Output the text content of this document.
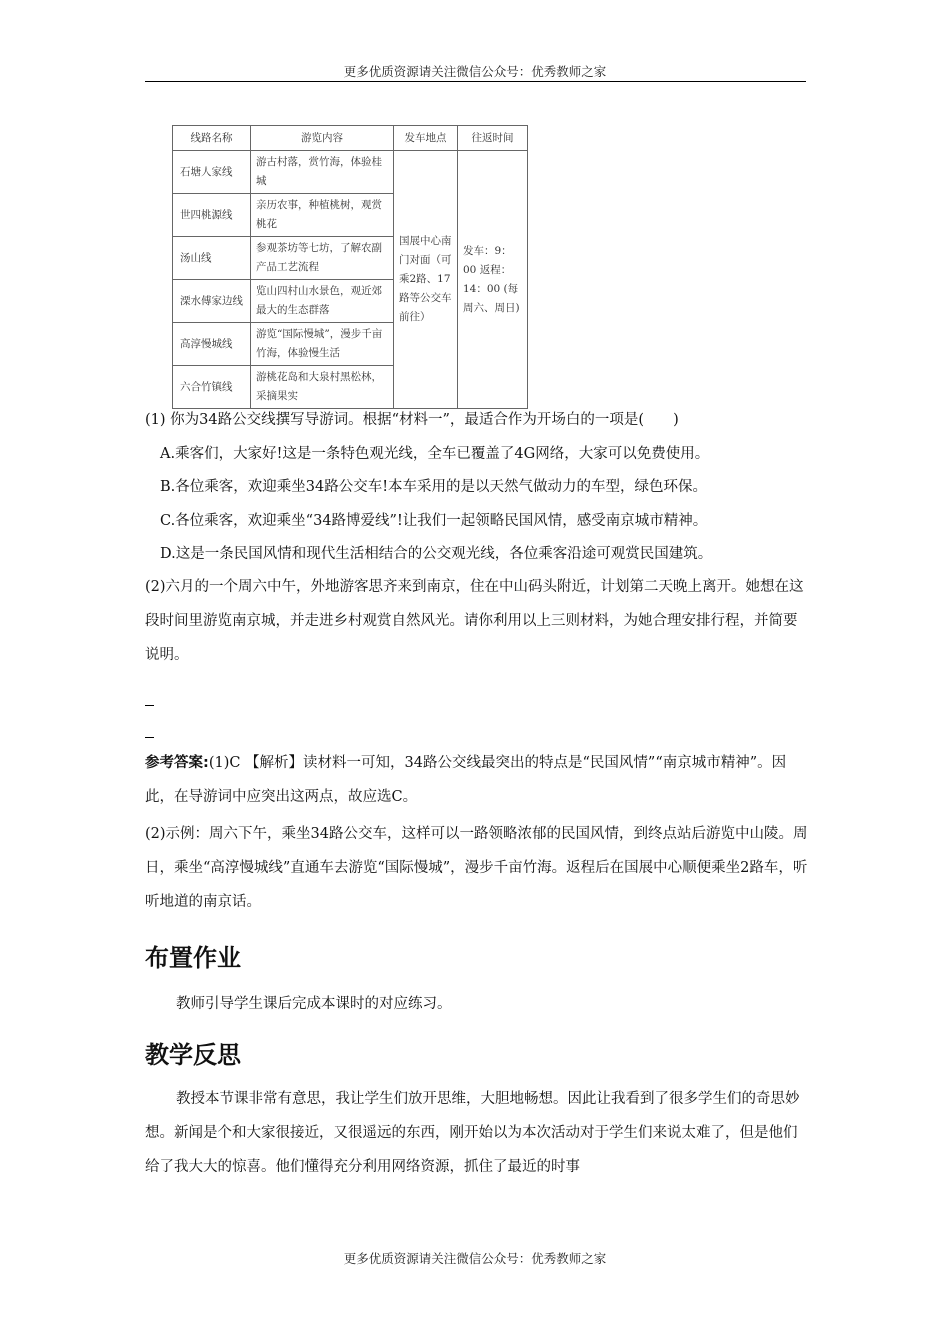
更多优质资源请关注微信公众号：优秀教师之家
线路名称	游览内容	发车地点	往返时间
石塘人家线	游古村落，赏竹海，体验桂城	国展中心南门对面（可乘2路、17路等公交车前往）	发车：9：00 返程：14：00 (每周六、周日)
世四桃源线	亲历农事，种植桃树，观赏桃花		
汤山线	参观茶坊等七坊，了解农副产品工艺流程		
溧水傅家边线	览山四村山水景色，观近郊最大的生态群落		
高淳慢城线	游览“国际慢城”，漫步千亩竹海，体验慢生活		
六合竹镇线	游桃花岛和大泉村黑松林，采摘果实		
(1) 你为34路公交线撰写导游词。根据“材料一”，最适合作为开场白的一项是(　　)
A.乘客们，大家好!这是一条特色观光线，全车已覆盖了4G网络，大家可以免费使用。
B.各位乘客，欢迎乘坐34路公交车!本车采用的是以天然气做动力的车型，绿色环保。
C.各位乘客，欢迎乘坐“34路博爱线”!让我们一起领略民国风情，感受南京城市精神。
D.这是一条民国风情和现代生活相结合的公交观光线，各位乘客沿途可观赏民国建筑。
(2)六月的一个周六中午，外地游客思齐来到南京，住在中山码头附近，计划第二天晚上离开。她想在这段时间里游览南京城，并走进乡村观赏自然风光。请你利用以上三则材料，为她合理安排行程，并简要说明。
参考答案:(1)C 【解析】读材料一可知，34路公交线最突出的特点是“民国风情”“南京城市精神”。因此，在导游词中应突出这两点，故应选C。
(2)示例：周六下午，乘坐34路公交车，这样可以一路领略浓郁的民国风情，到终点站后游览中山陵。周日，乘坐“高淳慢城线”直通车去游览“国际慢城”，漫步千亩竹海。返程后在国展中心顺便乘坐2路车，听听地道的南京话。
布置作业
教师引导学生课后完成本课时的对应练习。
教学反思
教授本节课非常有意思，我让学生们放开思维，大胆地畅想。因此让我看到了很多学生们的奇思妙想。新闻是个和大家很接近，又很遥远的东西，刚开始以为本次活动对于学生们来说太难了，但是他们给了我大大的惊喜。他们懂得充分利用网络资源，抓住了最近的时事
更多优质资源请关注微信公众号：优秀教师之家
